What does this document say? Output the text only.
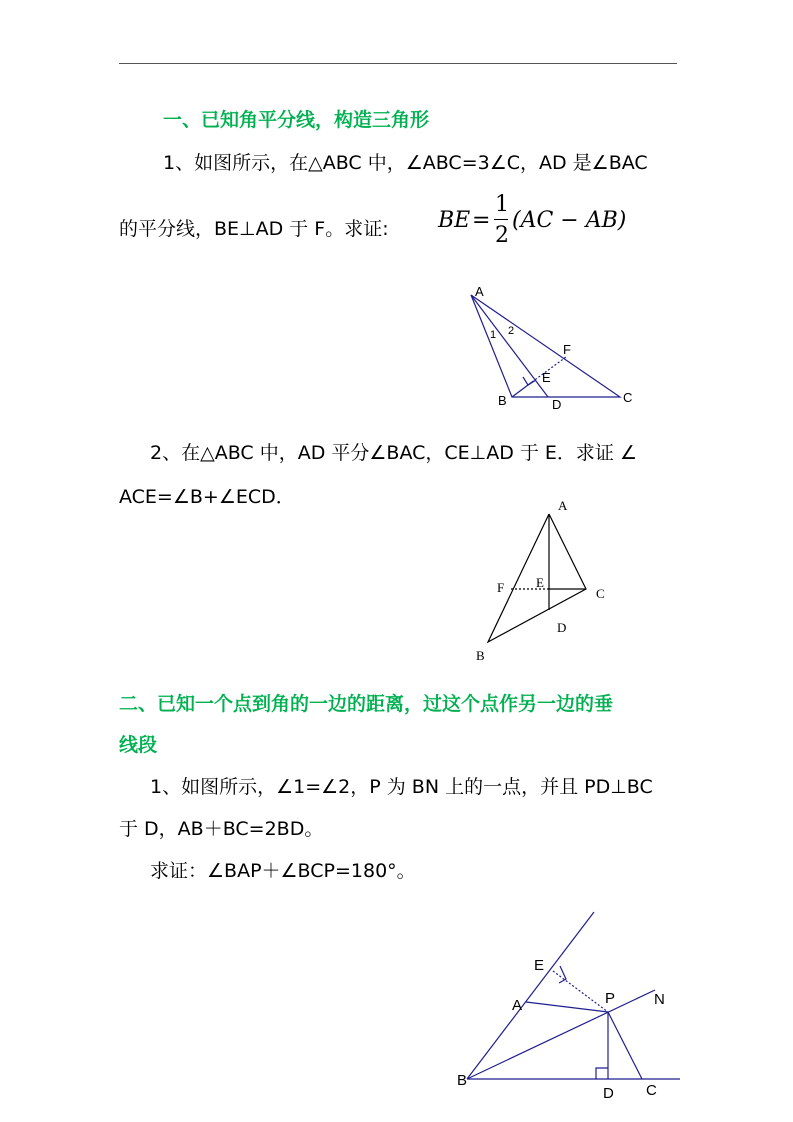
一、已知角平分线，构造三角形
1、如图所示，在△ABC 中，∠ABC=3∠C，AD 是∠BAC
的平分线，BE⊥AD 于 F。求证: BE =
1
2
(AC − AB)
2、在△ABC 中，AD 平分∠BAC，CE⊥AD 于 E．求证 ∠
ACE=∠B+∠ECD．
二、已知一个点到角的一边的距离，过这个点作另一边的垂
线段
1、如图所示，∠1=∠2，P 为 BN 上的一点，并且 PD⊥BC
于 D，AB＋BC=2BD。
求证：∠BAP＋∠BCP=180°。
A
B	C
D
E
F
1 2
A
B
C
D
E
F
E
A	P	N
B
D C
